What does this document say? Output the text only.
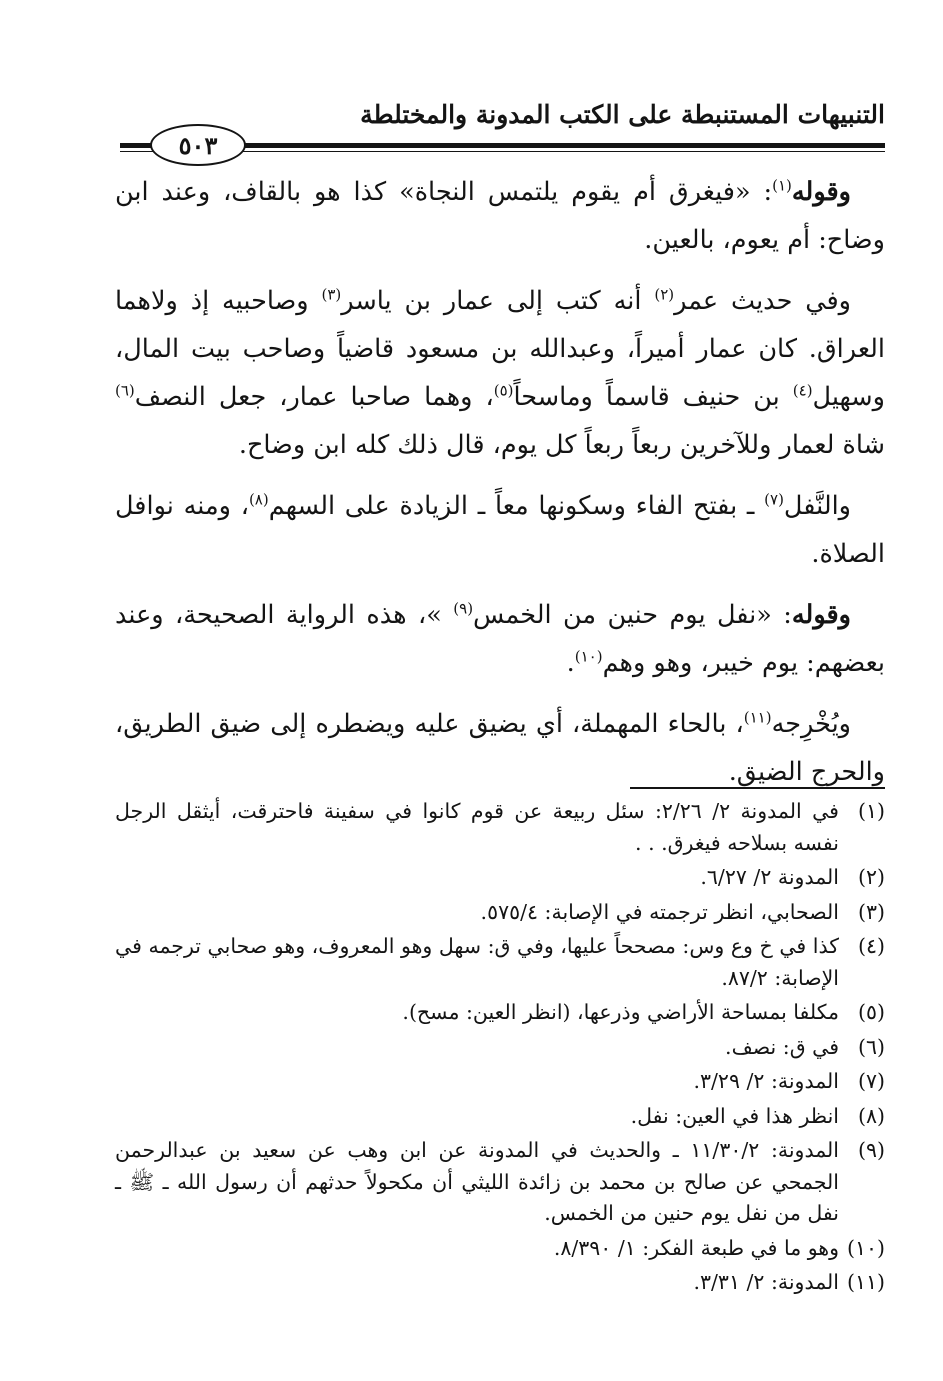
التنبيهات المستنبطة على الكتب المدونة والمختلطة
٥٠٣

وقوله$^{(١)}$: «فيغرق أم يقوم يلتمس النجاة» كذا هو بالقاف، وعند ابن وضاح: أم يعوم، بالعين.

وفي حديث عمر$^{(٢)}$ أنه كتب إلى عمار بن ياسر$^{(٣)}$ وصاحبيه إذ ولاهما العراق. كان عمار أميراً، وعبدالله بن مسعود قاضياً وصاحب بيت المال، وسهيل$^{(٤)}$ بن حنيف قاسماً وماسحاً$^{(٥)}$، وهما صاحبا عمار، جعل النصف$^{(٦)}$ شاة لعمار وللآخرين ربعاً ربعاً كل يوم، قال ذلك كله ابن وضاح.

والنَّفل$^{(٧)}$ ـ بفتح الفاء وسكونها معاً ـ الزيادة على السهم$^{(٨)}$، ومنه نوافل الصلاة.

وقوله: «نفل يوم حنين من الخمس$^{(٩)}$ »، هذه الرواية الصحيحة، وعند بعضهم: يوم خيبر، وهو وهم$^{(١٠)}$.

ويُخْرِجه$^{(١١)}$، بالحاء المهملة، أي يضيق عليه ويضطره إلى ضيق الطريق، والحرج الضيق.

(١)
في المدونة ٢/ ٢/٢٦: سئل ربيعة عن قوم كانوا في سفينة فاحترقت، أيثقل الرجل نفسه بسلاحه فيغرق. . .
(٢)
المدونة ٢/ ٦/٢٧.
(٣)
الصحابي، انظر ترجمته في الإصابة: ٥٧٥/٤.
(٤)
كذا في خ وع وس: مصححاً عليها، وفي ق: سهل وهو المعروف، وهو صحابي ترجمه في الإصابة: ٨٧/٢.
(٥)
مكلفا بمساحة الأراضي وذرعها، (انظر العين: مسح).
(٦)
في ق: نصف.
(٧)
المدونة: ٢/ ٣/٢٩.
(٨)
انظر هذا في العين: نفل.
(٩)
المدونة: ١١/٣٠/٢ ـ والحديث في المدونة عن ابن وهب عن سعيد بن عبدالرحمن الجمحي عن صالح بن محمد بن زائدة الليثي أن مكحولاً حدثهم أن رسول الله ـ ﷺ ـ نفل من نفل يوم حنين من الخمس.
(١٠)
وهو ما في طبعة الفكر: ١/ ٨/٣٩٠.
(١١)
المدونة: ٢/ ٣/٣١.
